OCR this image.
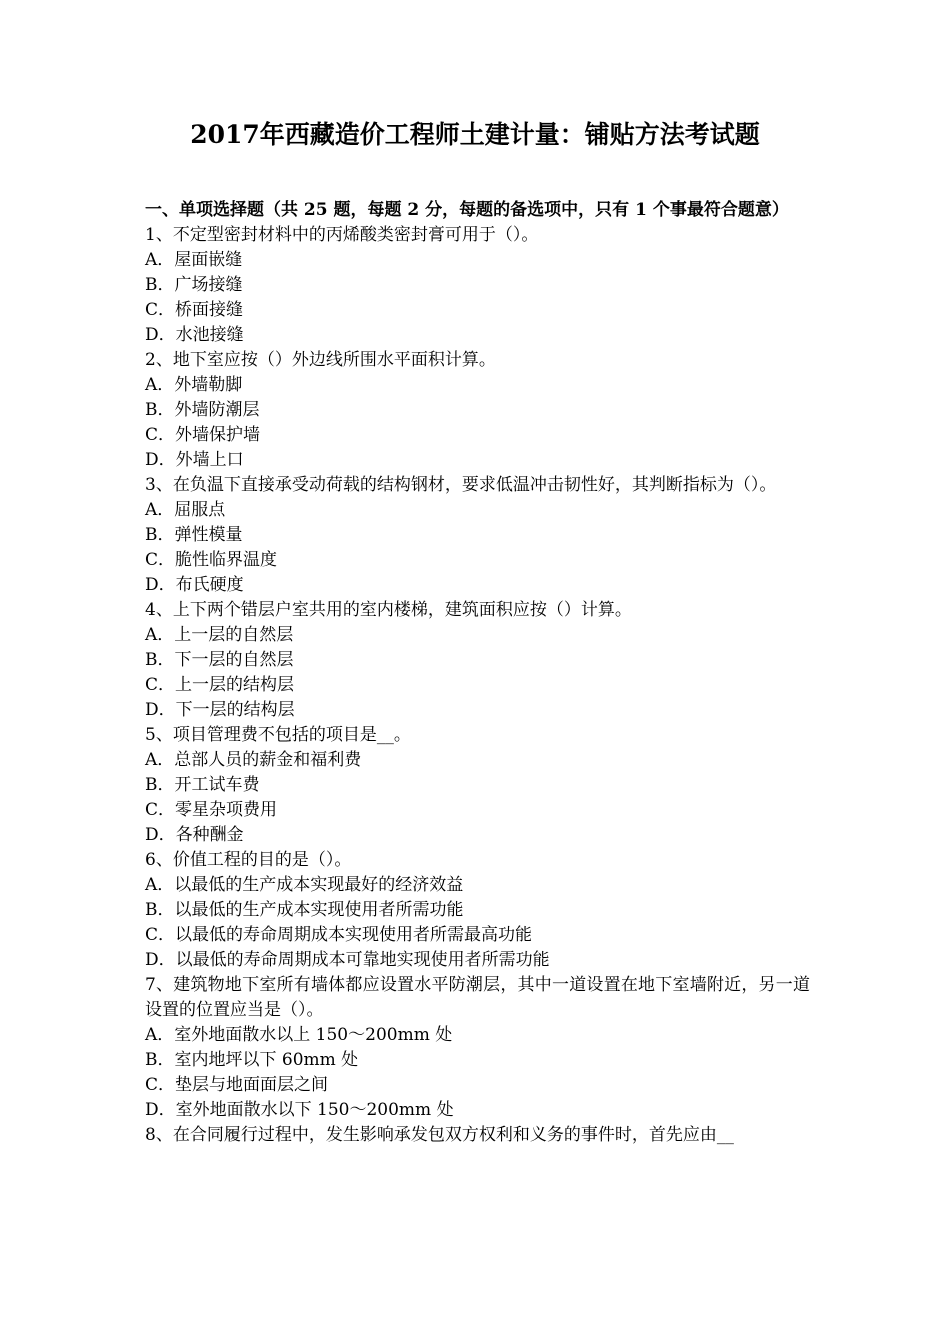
2017年西藏造价工程师土建计量：铺贴方法考试题
一、单项选择题（共 25 题，每题 2 分，每题的备选项中，只有 1 个事最符合题意）
1、不定型密封材料中的丙烯酸类密封膏可用于（）。
A．屋面嵌缝
B．广场接缝
C．桥面接缝
D．水池接缝
2、地下室应按（）外边线所围水平面积计算。
A．外墙勒脚
B．外墙防潮层
C．外墙保护墙
D．外墙上口
3、在负温下直接承受动荷载的结构钢材，要求低温冲击韧性好，其判断指标为（）。
A．屈服点
B．弹性模量
C．脆性临界温度
D．布氏硬度
4、上下两个错层户室共用的室内楼梯，建筑面积应按（）计算。
A．上一层的自然层
B．下一层的自然层
C．上一层的结构层
D．下一层的结构层
5、项目管理费不包括的项目是__。
A．总部人员的薪金和福利费
B．开工试车费
C．零星杂项费用
D．各种酬金
6、价值工程的目的是（）。
A．以最低的生产成本实现最好的经济效益
B．以最低的生产成本实现使用者所需功能
C．以最低的寿命周期成本实现使用者所需最高功能
D．以最低的寿命周期成本可靠地实现使用者所需功能
7、建筑物地下室所有墙体都应设置水平防潮层，其中一道设置在地下室墙附近，另一道设置的位置应当是（）。
A．室外地面散水以上 150～200mm 处
B．室内地坪以下 60mm 处
C．垫层与地面面层之间
D．室外地面散水以下 150～200mm 处
8、在合同履行过程中，发生影响承发包双方权利和义务的事件时，首先应由__
